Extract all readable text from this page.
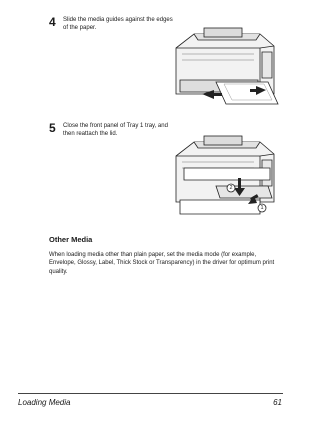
4 Slide the media guides against the edges of the paper.
5 Close the front panel of Tray 1 tray, and then reattach the lid.
2
1
Other Media
When loading media other than plain paper, set the media mode (for example, Envelope, Glossy, Label, Thick Stock or Transparency) in the driver for optimum print quality.
Loading Media	61
